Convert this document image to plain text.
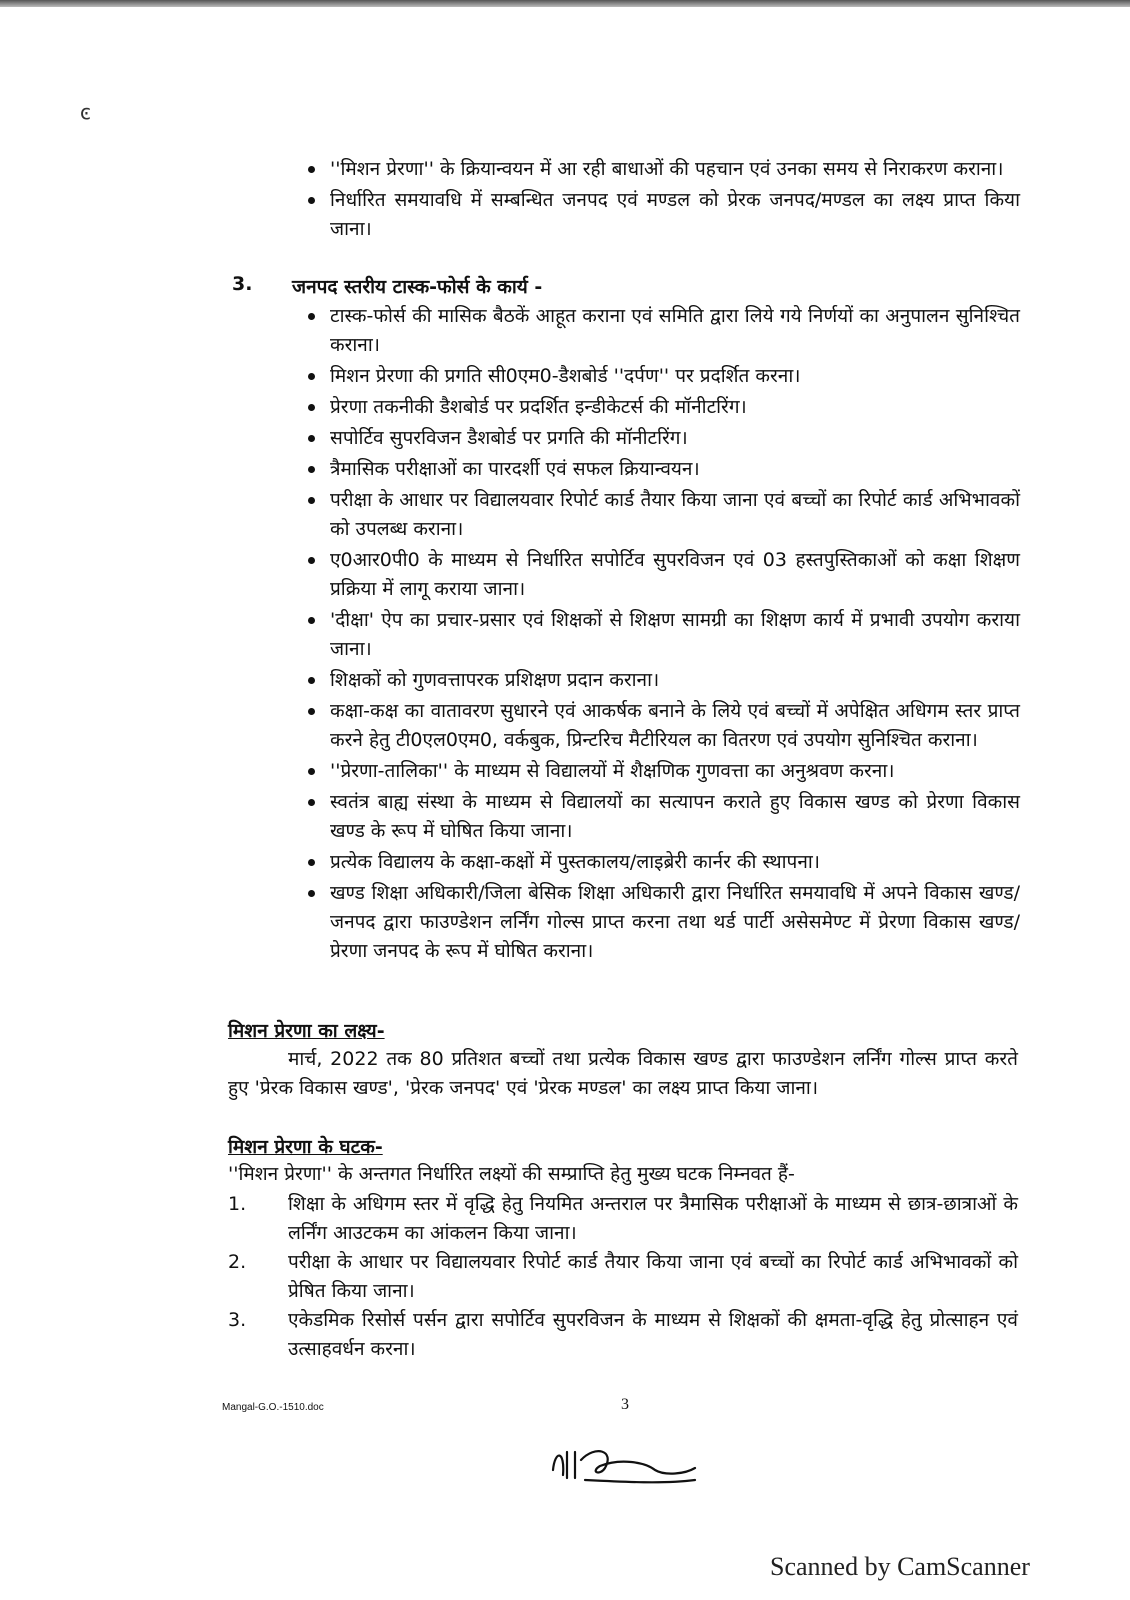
ͼ
''मिशन प्रेरणा'' के क्रियान्वयन में आ रही बाधाओं की पहचान एवं उनका समय से निराकरण कराना।
निर्धारित समयावधि में सम्बन्धित जनपद एवं मण्डल को प्रेरक जनपद/मण्डल का लक्ष्य प्राप्त किया जाना।
3. जनपद स्तरीय टास्क-फोर्स के कार्य -
टास्क-फोर्स की मासिक बैठकें आहूत कराना एवं समिति द्वारा लिये गये निर्णयों का अनुपालन सुनिश्चित कराना।
मिशन प्रेरणा की प्रगति सी0एम0-डैशबोर्ड ''दर्पण'' पर प्रदर्शित करना।
प्रेरणा तकनीकी डैशबोर्ड पर प्रदर्शित इन्डीकेटर्स की मॉनीटरिंग।
सपोर्टिव सुपरविजन डैशबोर्ड पर प्रगति की मॉनीटरिंग।
त्रैमासिक परीक्षाओं का पारदर्शी एवं सफल क्रियान्वयन।
परीक्षा के आधार पर विद्यालयवार रिपोर्ट कार्ड तैयार किया जाना एवं बच्चों का रिपोर्ट कार्ड अभिभावकों को उपलब्ध कराना।
ए0आर0पी0 के माध्यम से निर्धारित सपोर्टिव सुपरविजन एवं 03 हस्तपुस्तिकाओं को कक्षा शिक्षण प्रक्रिया में लागू कराया जाना।
'दीक्षा' ऐप का प्रचार-प्रसार एवं शिक्षकों से शिक्षण सामग्री का शिक्षण कार्य में प्रभावी उपयोग कराया जाना।
शिक्षकों को गुणवत्तापरक प्रशिक्षण प्रदान कराना।
कक्षा-कक्ष का वातावरण सुधारने एवं आकर्षक बनाने के लिये एवं बच्चों में अपेक्षित अधिगम स्तर प्राप्त करने हेतु टी0एल0एम0, वर्कबुक, प्रिन्टरिच मैटीरियल का वितरण एवं उपयोग सुनिश्चित कराना।
''प्रेरणा-तालिका'' के माध्यम से विद्यालयों में शैक्षणिक गुणवत्ता का अनुश्रवण करना।
स्वतंत्र बाह्य संस्था के माध्यम से विद्यालयों का सत्यापन कराते हुए विकास खण्ड को प्रेरणा विकास खण्ड के रूप में घोषित किया जाना।
प्रत्येक विद्यालय के कक्षा-कक्षों में पुस्तकालय/लाइब्रेरी कार्नर की स्थापना।
खण्ड शिक्षा अधिकारी/जिला बेसिक शिक्षा अधिकारी द्वारा निर्धारित समयावधि में अपने विकास खण्ड/जनपद द्वारा फाउण्डेशन लर्निंग गोल्स प्राप्त करना तथा थर्ड पार्टी असेसमेण्ट में प्रेरणा विकास खण्ड/प्रेरणा जनपद के रूप में घोषित कराना।
मिशन प्रेरणा का लक्ष्य-

मार्च, 2022 तक 80 प्रतिशत बच्चों तथा प्रत्येक विकास खण्ड द्वारा फाउण्डेशन लर्निंग गोल्स प्राप्त करते हुए 'प्रेरक विकास खण्ड', 'प्रेरक जनपद' एवं 'प्रेरक मण्डल' का लक्ष्य प्राप्त किया जाना।

मिशन प्रेरणा के घटक-

''मिशन प्रेरणा'' के अन्तगत निर्धारित लक्ष्यों की सम्प्राप्ति हेतु मुख्य घटक निम्नवत हैं-

1. शिक्षा के अधिगम स्तर में वृद्धि हेतु नियमित अन्तराल पर त्रैमासिक परीक्षाओं के माध्यम से छात्र-छात्राओं के लर्निंग आउटकम का आंकलन किया जाना।
2. परीक्षा के आधार पर विद्यालयवार रिपोर्ट कार्ड तैयार किया जाना एवं बच्चों का रिपोर्ट कार्ड अभिभावकों को प्रेषित किया जाना।
3. एकेडमिक रिसोर्स पर्सन द्वारा सपोर्टिव सुपरविजन के माध्यम से शिक्षकों की क्षमता-वृद्धि हेतु प्रोत्साहन एवं उत्साहवर्धन करना।
Mangal-G.O.-1510.doc	3
Scanned by CamScanner
